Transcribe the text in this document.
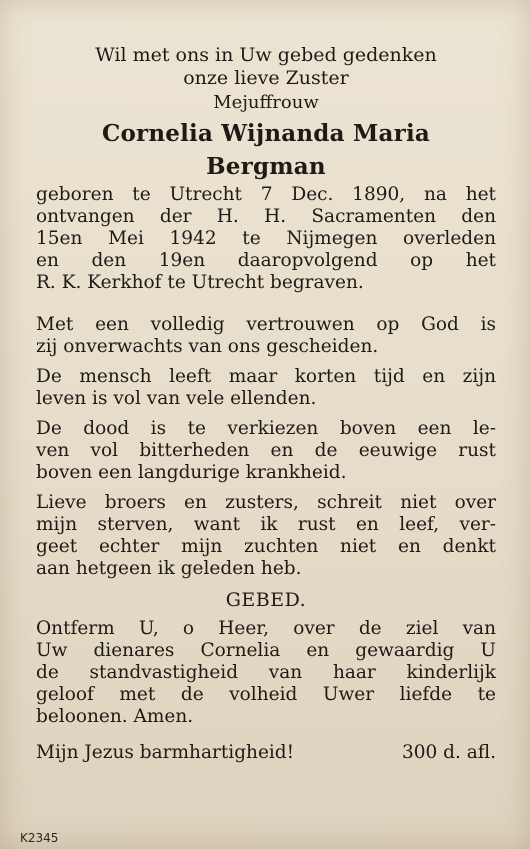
Wil met ons in Uw gebed gedenken
onze lieve Zuster
Mejuffrouw
Cornelia Wijnanda Maria
Bergman
geboren te Utrecht 7 Dec. 1890, na het
ontvangen der H. H. Sacramenten den
15en Mei 1942 te Nijmegen overleden
en den 19en daaropvolgend op het
R. K. Kerkhof te Utrecht begraven.
Met een volledig vertrouwen op God is
zij onverwachts van ons gescheiden.
De mensch leeft maar korten tijd en zijn
leven is vol van vele ellenden.
De dood is te verkiezen boven een le-
ven vol bitterheden en de eeuwige rust
boven een langdurige krankheid.
Lieve broers en zusters, schreit niet over
mijn sterven, want ik rust en leef, ver-
geet echter mijn zuchten niet en denkt
aan hetgeen ik geleden heb.
GEBED.
Ontferm U, o Heer, over de ziel van
Uw dienares Cornelia en gewaardig U
de standvastigheid van haar kinderlijk
geloof met de volheid Uwer liefde te
beloonen. Amen.
Mijn Jezus barmhartigheid!	300 d. afl.
K2345
